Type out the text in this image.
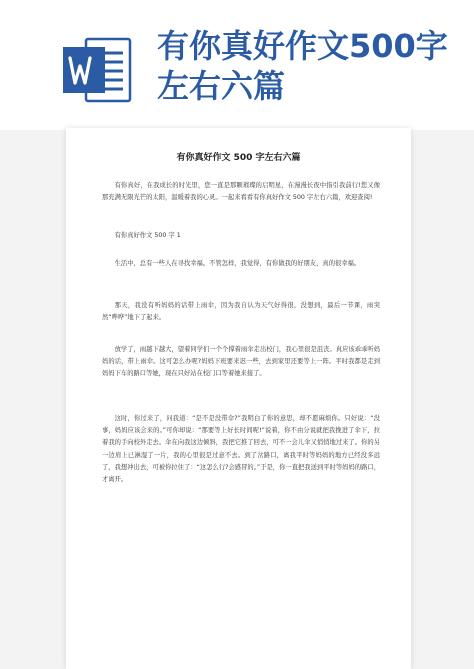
有你真好作文500字左右六篇
有你真好作文 500 字左右六篇
有你真好，在我成长的时光里，您一直是那颗璀璨的启明星，在漫漫长夜中指引我前行!您又像那充满无限光芒的太阳，温暖着我的心灵。一起来看看有你真好作文 500 字左右六篇，欢迎查阅!
有你真好作文 500 字 1
生活中，总有一些人在寻找幸福。不管怎样，我觉得，有你做我的好朋友，真的很幸福。
那天，我没有听妈妈的话带上雨伞，因为我自认为天气好得很，没想到，最后一节课，雨突然“哗哗”地下了起来。
放学了，雨越下越大，望着同学们一个个撑着雨伞走出校门，我心里很是沮丧。真应该乖乖听妈妈的话，带上雨伞。这可怎么办呢?妈妈下班要来迟一些，去到家里还要等上一阵。平时我都是走到妈妈下车的路口等她，现在只好站在校门口等着她来接了。
这时，你过来了，问我道：“是不是没带伞?”我明白了你的意思，却不愿麻烦你。只好说：“没事，妈妈应该会来的。”可你却说：“那要等上好长时间呢!”说着，你不由分说就把我挽进了伞下，拉着我的手向校外走去。伞在向我这边倾斜，我把它推了回去，可不一会儿伞又悄悄地过来了。你的另一边肩上已淋湿了一片，我的心里很是过意不去。到了岔路口，离我平时等妈妈的地方已经没多远了，我想冲出去，可被你拉住了：“这怎么行?会感冒的。”于是，你一直把我送到平时等妈妈的路口，才离开。
